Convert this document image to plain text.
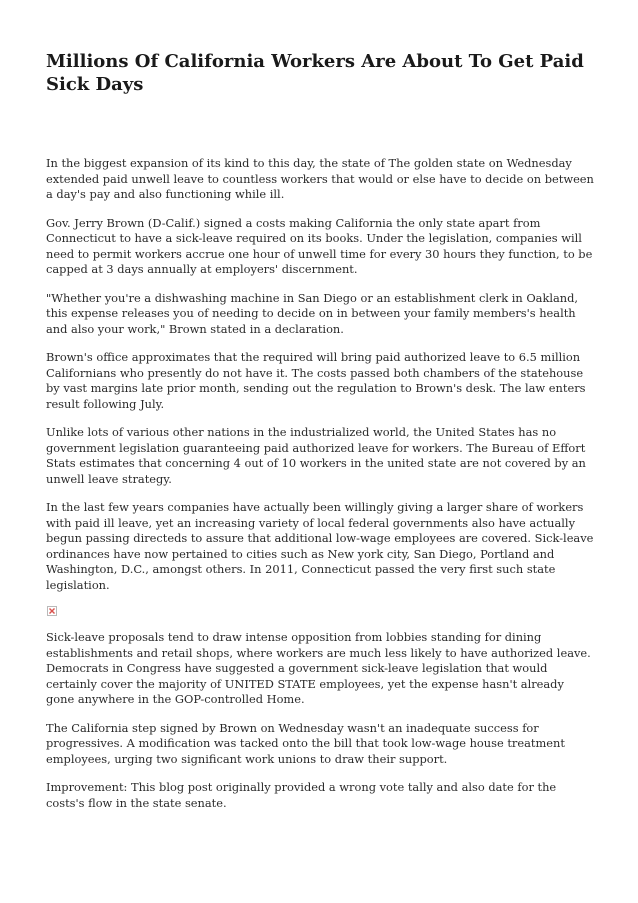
Millions Of California Workers Are About To Get Paid Sick Days

In the biggest expansion of its kind to this day, the state of The golden state on Wednesday extended paid unwell leave to countless workers that would or else have to decide on between a day's pay and also functioning while ill.

Gov. Jerry Brown (D-Calif.) signed a costs making California the only state apart from Connecticut to have a sick-leave required on its books. Under the legislation, companies will need to permit workers accrue one hour of unwell time for every 30 hours they function, to be capped at 3 days annually at employers' discernment.

"Whether you're a dishwashing machine in San Diego or an establishment clerk in Oakland, this expense releases you of needing to decide on in between your family members's health and also your work," Brown stated in a declaration.

Brown's office approximates that the required will bring paid authorized leave to 6.5 million Californians who presently do not have it. The costs passed both chambers of the statehouse by vast margins late prior month, sending out the regulation to Brown's desk. The law enters result following July.

Unlike lots of various other nations in the industrialized world, the United States has no government legislation guaranteeing paid authorized leave for workers. The Bureau of Effort Stats estimates that concerning 4 out of 10 workers in the united state are not covered by an unwell leave strategy.

In the last few years companies have actually been willingly giving a larger share of workers with paid ill leave, yet an increasing variety of local federal governments also have actually begun passing directeds to assure that additional low-wage employees are covered. Sick-leave ordinances have now pertained to cities such as New york city, San Diego, Portland and Washington, D.C., amongst others. In 2011, Connecticut passed the very first such state legislation.

Sick-leave proposals tend to draw intense opposition from lobbies standing for dining establishments and retail shops, where workers are much less likely to have authorized leave. Democrats in Congress have suggested a government sick-leave legislation that would certainly cover the majority of UNITED STATE employees, yet the expense hasn't already gone anywhere in the GOP-controlled Home.

The California step signed by Brown on Wednesday wasn't an inadequate success for progressives. A modification was tacked onto the bill that took low-wage house treatment employees, urging two significant work unions to draw their support.

Improvement: This blog post originally provided a wrong vote tally and also date for the costs's flow in the state senate.
